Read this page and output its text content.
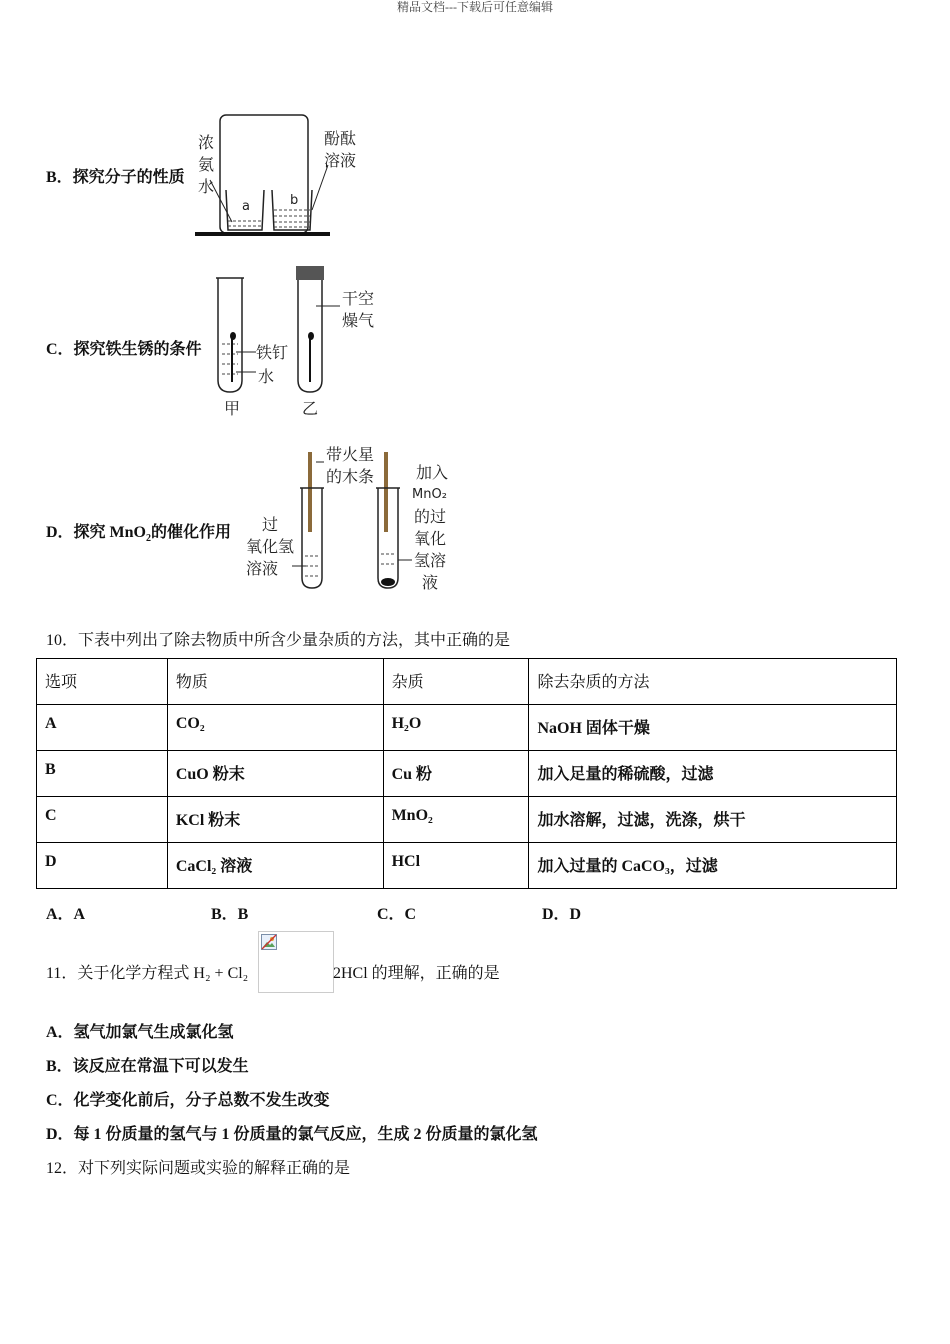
精品文档---下载后可任意编辑
B．探究分子的性质
a	b
浓
氨
水
酚酞
溶液
C．探究铁生锈的条件	铁钉
水
干空
燥气
甲	乙
D．探究 MnO$_2$的催化作用
带火星
的木条
过
氧化氢
溶液
加入
MnO₂
的过
氧化
氢溶
液
10．下表中列出了除去物质中所含少量杂质的方法，其中正确的是
选项	物质	杂质	除去杂质的方法
A	CO₂	H₂O	NaOH 固体干燥
B	CuO 粉末	Cu 粉	加入足量的稀硫酸，过滤
C	KCl 粉末	MnO₂	加水溶解，过滤，洗涤，烘干
D	CaCl₂ 溶液	HCl	加入过量的 CaCO₃，过滤
A．A	B．B	C．C	D．D
11．关于化学方程式 H₂ + Cl₂	2HCl 的理解，正确的是
A．氢气加氯气生成氯化氢
B．该反应在常温下可以发生
C．化学变化前后，分子总数不发生改变
D．每 1 份质量的氢气与 1 份质量的氯气反应，生成 2 份质量的氯化氢
12．对下列实际问题或实验的解释正确的是
